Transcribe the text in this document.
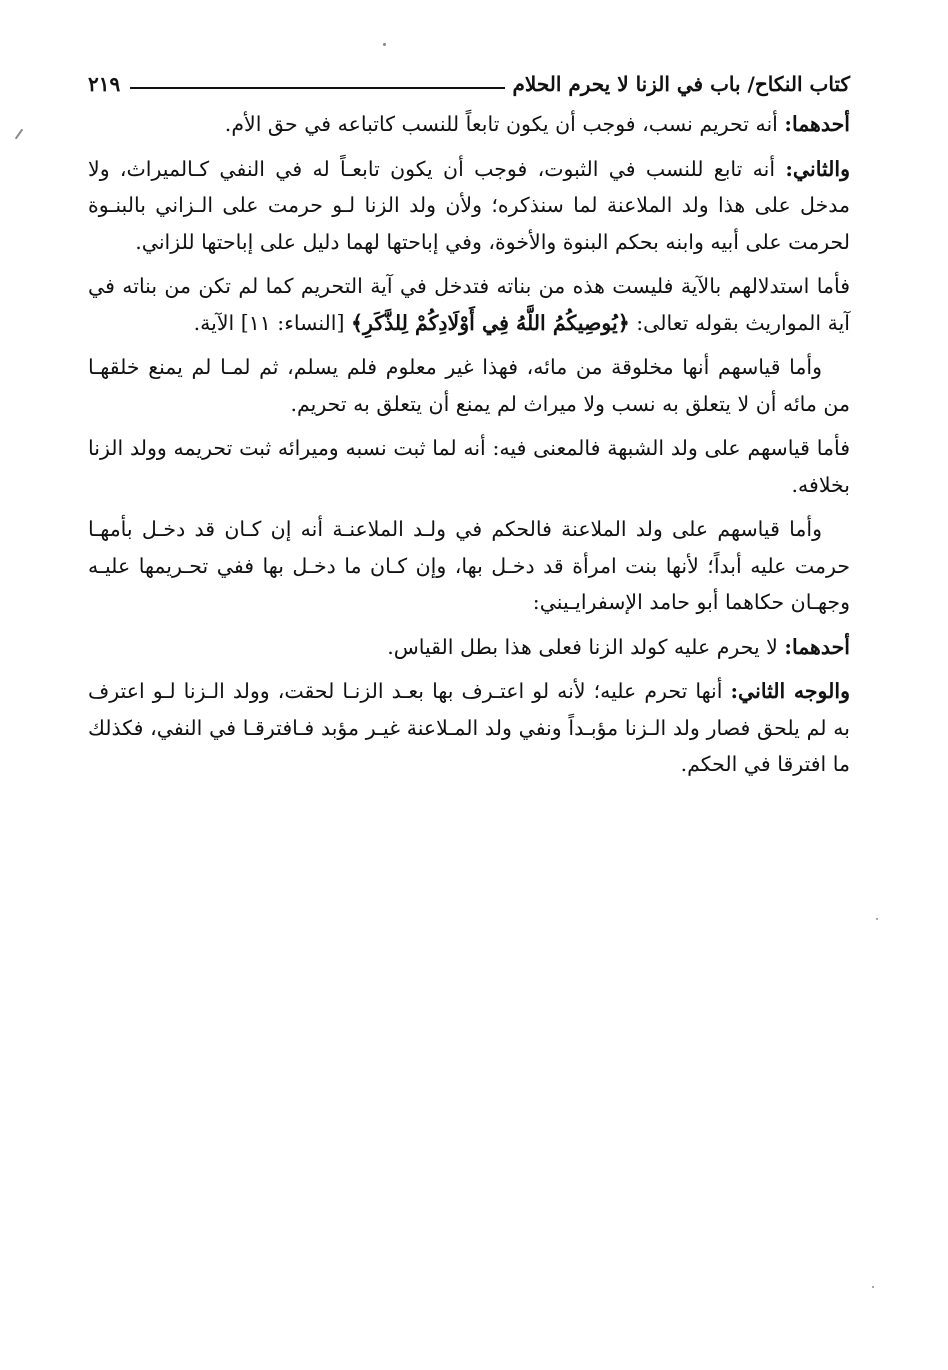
كتاب النكاح/ باب في الزنا لا يحرم الحلام
٢١٩

أحدهما: أنه تحريم نسب، فوجب أن يكون تابعاً للنسب كاتباعه في حق الأم.

والثاني: أنه تابع للنسب في الثبوت، فوجب أن يكون تابعـاً له في النفي كـالميراث، ولا مدخل على هذا ولد الملاعنة لما سنذكره؛ ولأن ولد الزنا لـو حرمت على الـزاني بالبنـوة لحرمت على أبيه وابنه بحكم البنوة والأخوة، وفي إباحتها لهما دليل على إباحتها للزاني.

فأما استدلالهم بالآية فليست هذه من بناته فتدخل في آية التحريم كما لم تكن من بناته في آية المواريث بقوله تعالى: ﴿يُوصِيكُمُ اللَّهُ فِي أَوْلَادِكُمْ لِلذَّكَرِ﴾ [النساء: ١١] الآية.

وأما قياسهم أنها مخلوقة من مائه، فهذا غير معلوم فلم يسلم، ثم لمـا لم يمنع خلقهـا من مائه أن لا يتعلق به نسب ولا ميراث لم يمنع أن يتعلق به تحريم.

فأما قياسهم على ولد الشبهة فالمعنى فيه: أنه لما ثبت نسبه وميرائه ثبت تحريمه وولد الزنا بخلافه.

وأما قياسهم على ولد الملاعنة فالحكم في ولـد الملاعنـة أنه إن كـان قد دخـل بأمهـا حرمت عليه أبداً؛ لأنها بنت امرأة قد دخـل بها، وإن كـان ما دخـل بها ففي تحـريمها عليـه وجهـان حكاهما أبو حامد الإسفرايـيني:

أحدهما: لا يحرم عليه كولد الزنا فعلى هذا بطل القياس.

والوجه الثاني: أنها تحرم عليه؛ لأنه لو اعتـرف بها بعـد الزنـا لحقت، وولد الـزنا لـو اعترف به لم يلحق فصار ولد الـزنا مؤبـداً ونفي ولد المـلاعنة غيـر مؤبد فـافترقـا في النفي، فكذلك ما افترقا في الحكم.
